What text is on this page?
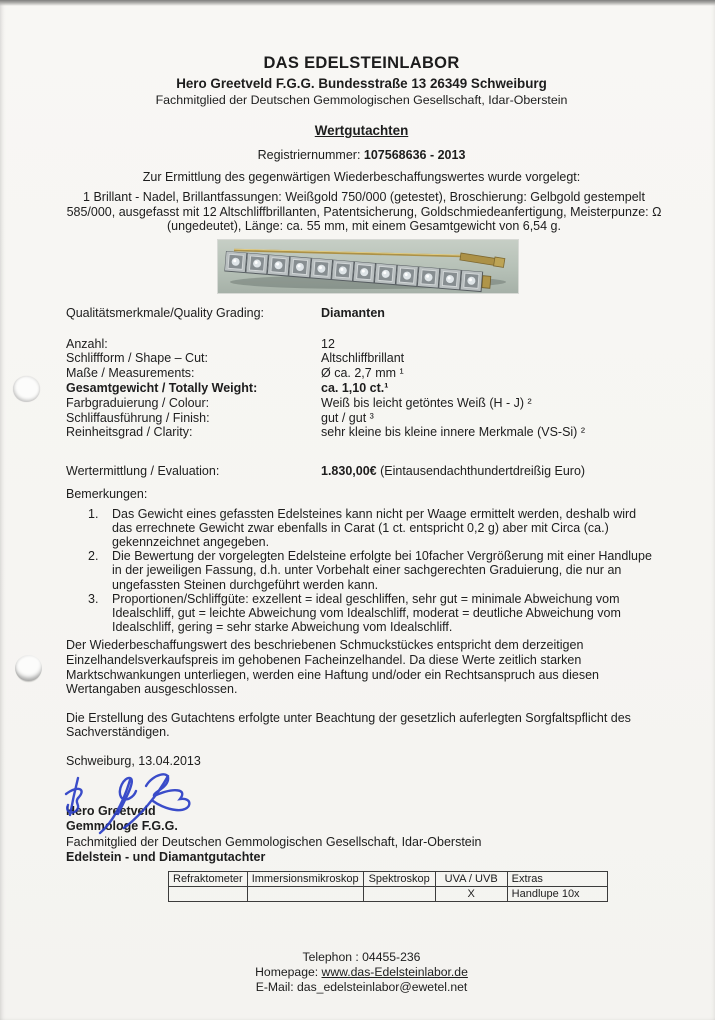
DAS EDELSTEINLABOR
Hero Greetveld F.G.G. Bundesstraße 13 26349 Schweiburg
Fachmitglied der Deutschen Gemmologischen Gesellschaft, Idar-Oberstein
Wertgutachten
Registriernummer: 107568636 - 2013
Zur Ermittlung des gegenwärtigen Wiederbeschaffungswertes wurde vorgelegt:
1 Brillant - Nadel, Brillantfassungen: Weißgold 750/000 (getestet), Broschierung: Gelbgold gestempelt 585/000, ausgefasst mit 12 Altschliffbrillanten, Patentsicherung, Goldschmiedeanfertigung, Meisterpunze: Ω (ungedeutet), Länge: ca. 55 mm, mit einem Gesamtgewicht von 6,54 g.
Qualitätsmerkmale/Quality Grading:	Diamanten
Anzahl:	12
Schliffform / Shape – Cut:	Altschliffbrillant
Maße / Measurements:	Ø ca. 2,7 mm ¹
Gesamtgewicht / Totally Weight:	ca. 1,10 ct.¹
Farbgraduierung / Colour:	Weiß bis leicht getöntes Weiß (H - J) ²
Schliffausführung / Finish:	gut / gut ³
Reinheitsgrad / Clarity:	sehr kleine bis kleine innere Merkmale (VS-Si) ²
Wertermittlung / Evaluation:	1.830,00€ (Eintausendachthundertdreißig Euro)
Bemerkungen:
1.	Das Gewicht eines gefassten Edelsteines kann nicht per Waage ermittelt werden, deshalb wird das errechnete Gewicht zwar ebenfalls in Carat (1 ct. entspricht 0,2 g) aber mit Circa (ca.) gekennzeichnet angegeben.
2.	Die Bewertung der vorgelegten Edelsteine erfolgte bei 10facher Vergrößerung mit einer Handlupe in der jeweiligen Fassung, d.h. unter Vorbehalt einer sachgerechten Graduierung, die nur an ungefassten Steinen durchgeführt werden kann.
3.	Proportionen/Schliffgüte: exzellent = ideal geschliffen, sehr gut = minimale Abweichung vom Idealschliff, gut = leichte Abweichung vom Idealschliff, moderat = deutliche Abweichung vom Idealschliff, gering = sehr starke Abweichung vom Idealschliff.
Der Wiederbeschaffungswert des beschriebenen Schmuckstückes entspricht dem derzeitigen Einzelhandelsverkaufspreis im gehobenen Facheinzelhandel. Da diese Werte zeitlich starken Marktschwankungen unterliegen, werden eine Haftung und/oder ein Rechtsanspruch aus diesen Wertangaben ausgeschlossen.
Die Erstellung des Gutachtens erfolgte unter Beachtung der gesetzlich auferlegten Sorgfaltspflicht des Sachverständigen.
Schweiburg, 13.04.2013
Hero Greetveld
Gemmologe F.G.G.
Fachmitglied der Deutschen Gemmologischen Gesellschaft, Idar-Oberstein
Edelstein - und Diamantgutachter
Refraktometer	Immersionsmikroskop	Spektroskop	UVA / UVB	Extras
			X	Handlupe 10x
Telephon : 04455-236
Homepage: www.das-Edelsteinlabor.de
E-Mail: das_edelsteinlabor@ewetel.net
